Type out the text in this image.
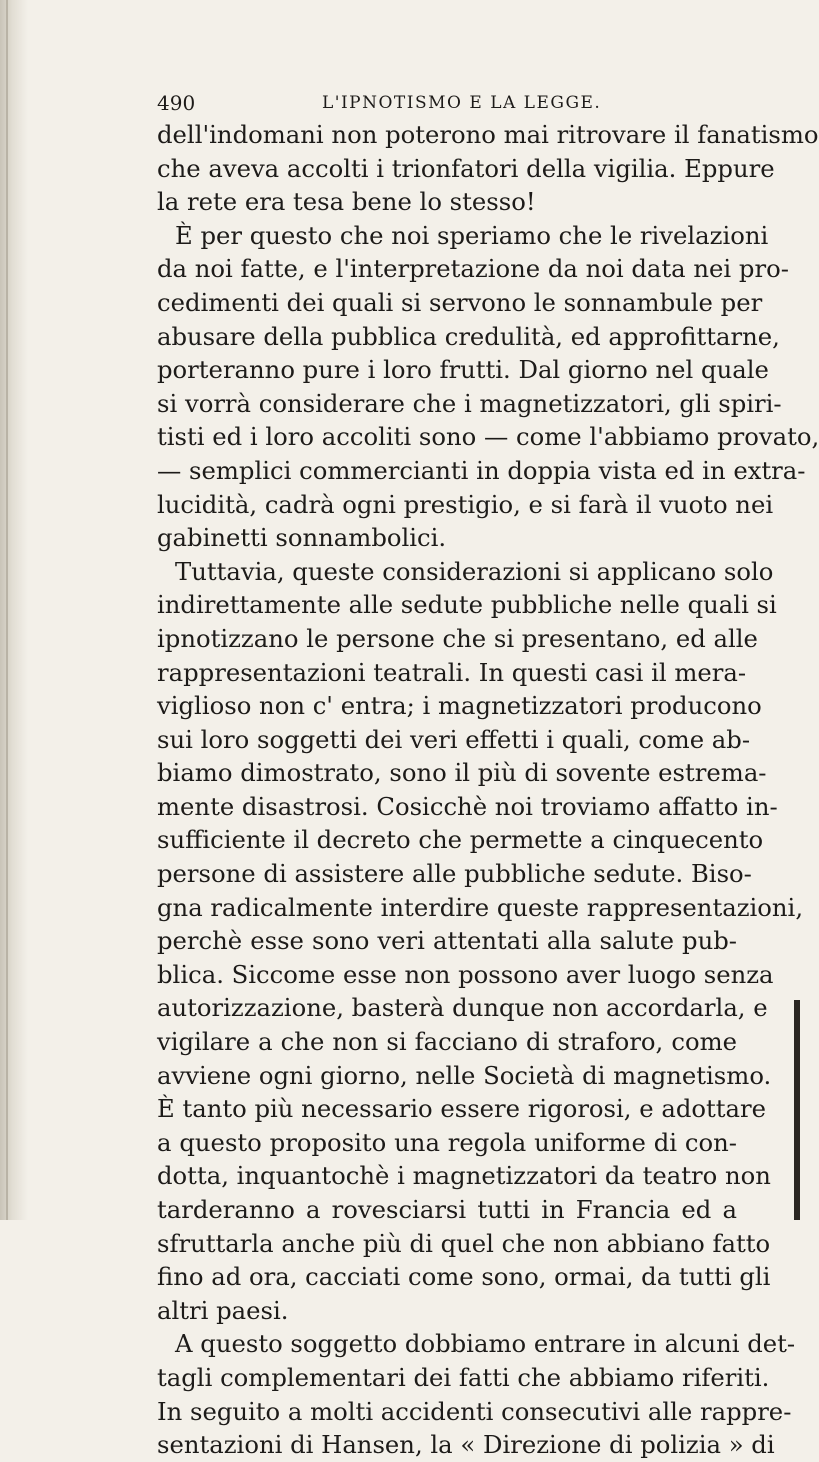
490	L'IPNOTISMO E LA LEGGE.
dell'indomani non poterono mai ritrovare il fanatismo
che aveva accolti i trionfatori della vigilia. Eppure
la rete era tesa bene lo stesso!
È per questo che noi speriamo che le rivelazioni
da noi fatte, e l'interpretazione da noi data nei pro-
cedimenti dei quali si servono le sonnambule per
abusare della pubblica credulità, ed approfittarne,
porteranno pure i loro frutti. Dal giorno nel quale
si vorrà considerare che i magnetizzatori, gli spiri-
tisti ed i loro accoliti sono — come l'abbiamo provato,
— semplici commercianti in doppia vista ed in extra-
lucidità, cadrà ogni prestigio, e si farà il vuoto nei
gabinetti sonnambolici.
Tuttavia, queste considerazioni si applicano solo
indirettamente alle sedute pubbliche nelle quali si
ipnotizzano le persone che si presentano, ed alle
rappresentazioni teatrali. In questi casi il mera-
viglioso non c' entra; i magnetizzatori producono
sui loro soggetti dei veri effetti i quali, come ab-
biamo dimostrato, sono il più di sovente estrema-
mente disastrosi. Cosicchè noi troviamo affatto in-
sufficiente il decreto che permette a cinquecento
persone di assistere alle pubbliche sedute. Biso-
gna radicalmente interdire queste rappresentazioni,
perchè esse sono veri attentati alla salute pub-
blica. Siccome esse non possono aver luogo senza
autorizzazione, basterà dunque non accordarla, e
vigilare a che non si facciano di straforo, come
avviene ogni giorno, nelle Società di magnetismo.
È tanto più necessario essere rigorosi, e adottare
a questo proposito una regola uniforme di con-
dotta, inquantochè i magnetizzatori da teatro non
tarderanno a rovesciarsi tutti in Francia ed a
sfruttarla anche più di quel che non abbiano fatto
fino ad ora, cacciati come sono, ormai, da tutti gli
altri paesi.
A questo soggetto dobbiamo entrare in alcuni det-
tagli complementari dei fatti che abbiamo riferiti.
In seguito a molti accidenti consecutivi alle rappre-
sentazioni di Hansen, la « Direzione di polizia » di
